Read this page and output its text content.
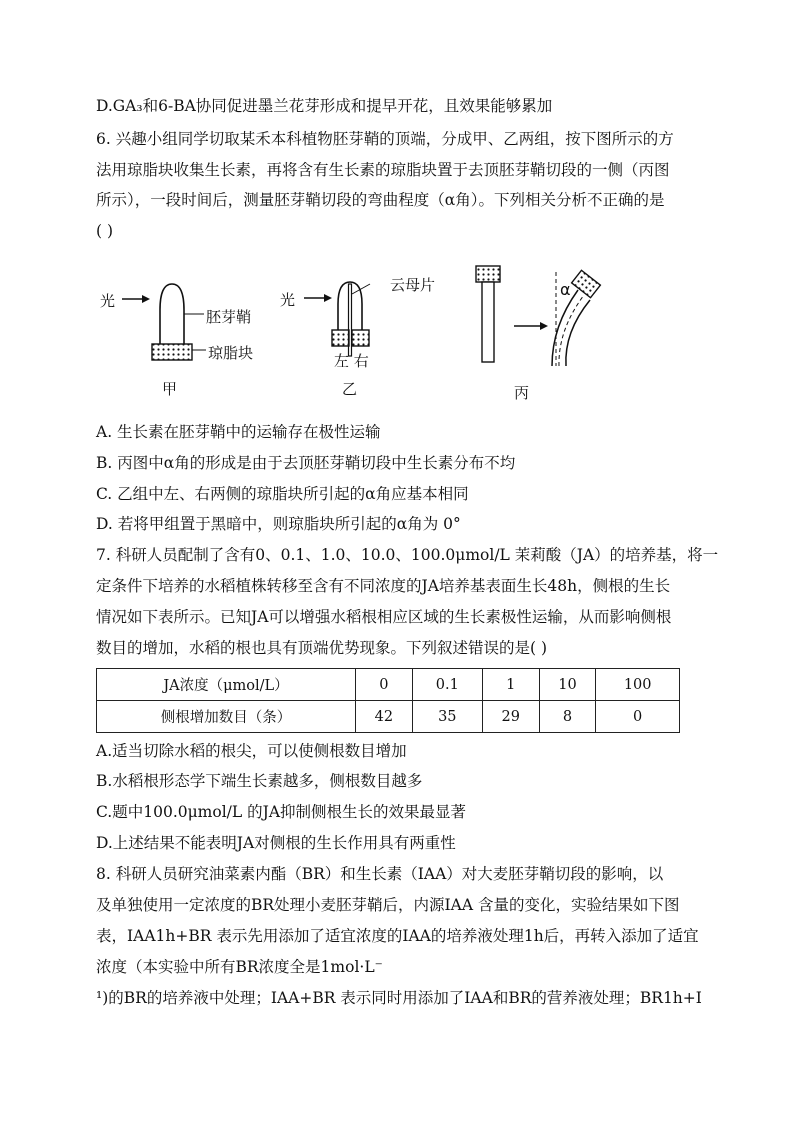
D.GA₃和6-BA协同促进墨兰花芽形成和提早开花，且效果能够累加
6. 兴趣小组同学切取某禾本科植物胚芽鞘的顶端，分成甲、乙两组，按下图所示的方
法用琼脂块收集生长素，再将含有生长素的琼脂块置于去顶胚芽鞘切段的一侧（丙图
所示），一段时间后，测量胚芽鞘切段的弯曲程度（α角）。下列相关分析不正确的是
( )
光
胚芽鞘
琼脂块
甲
光
云母片
左 右
乙
α
丙
A. 生长素在胚芽鞘中的运输存在极性运输
B. 丙图中α角的形成是由于去顶胚芽鞘切段中生长素分布不均
C. 乙组中左、右两侧的琼脂块所引起的α角应基本相同
D. 若将甲组置于黑暗中，则琼脂块所引起的α角为 0°
7. 科研人员配制了含有0、0.1、1.0、10.0、100.0μmol/L 茉莉酸（JA）的培养基，将一
定条件下培养的水稻植株转移至含有不同浓度的JA培养基表面生长48h，侧根的生长
情况如下表所示。已知JA可以增强水稻根相应区域的生长素极性运输，从而影响侧根
数目的增加，水稻的根也具有顶端优势现象。下列叙述错误的是( )
JA浓度（μmol/L）	0	0.1	1	10	100
侧根增加数目（条）	42	35	29	8	0
A.适当切除水稻的根尖，可以使侧根数目增加
B.水稻根形态学下端生长素越多，侧根数目越多
C.题中100.0μmol/L 的JA抑制侧根生长的效果最显著
D.上述结果不能表明JA对侧根的生长作用具有两重性
8. 科研人员研究油菜素内酯（BR）和生长素（IAA）对大麦胚芽鞘切段的影响，以
及单独使用一定浓度的BR处理小麦胚芽鞘后，内源IAA 含量的变化，实验结果如下图
表，IAA1h+BR 表示先用添加了适宜浓度的IAA的培养液处理1h后，再转入添加了适宜
浓度（本实验中所有BR浓度全是1mol·L⁻
¹)的BR的培养液中处理；IAA+BR 表示同时用添加了IAA和BR的营养液处理；BR1h+I
